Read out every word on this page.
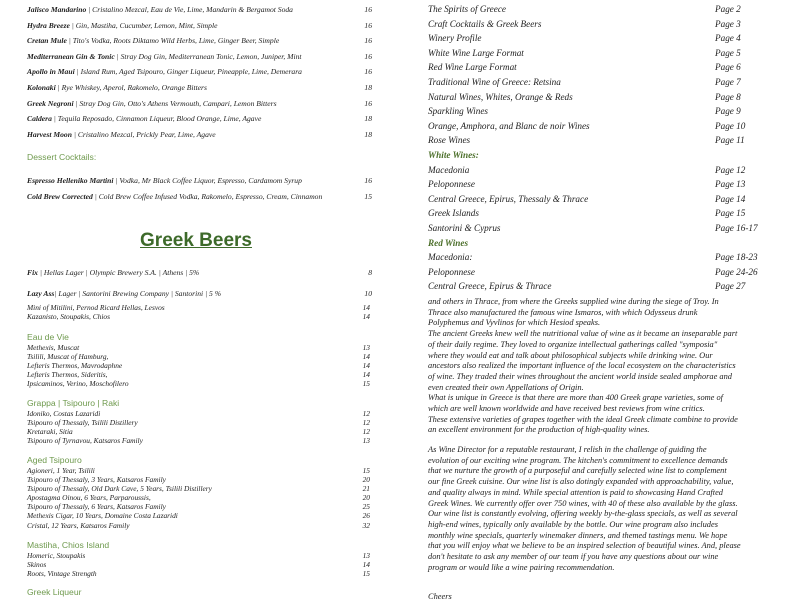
Jalisco Mandarino | Cristalino Mezcal, Eau de Vie, Lime, Mandarin & Bergamot Soda	16
Hydra Breeze | Gin, Mastiha, Cucumber, Lemon, Mint, Simple	16
Cretan Mule | Tito's Vodka, Roots Diktamo Wild Herbs, Lime, Ginger Beer, Simple	16
Mediterranean Gin & Tonic | Stray Dog Gin, Mediterranean Tonic, Lemon, Juniper, Mint	16
Apollo in Maui | Island Rum, Aged Tsipouro, Ginger Liqueur, Pineapple, Lime, Demerara	16
Kolonaki | Rye Whiskey, Aperol, Rakomelo, Orange Bitters	18
Greek Negroni | Stray Dog Gin, Otto's Athens Vermouth, Campari, Lemon Bitters	16
Caldera | Tequila Reposado, Cinnamon Liqueur, Blood Orange, Lime, Agave	18
Harvest Moon | Cristalino Mezcal, Prickly Pear, Lime, Agave	18
Dessert Cocktails:
Espresso Helleniko Martini | Vodka, Mr Black Coffee Liquor, Espresso, Cardamom Syrup	16
Cold Brew Corrected | Cold Brew Coffee Infused Vodka, Rakomelo, Espresso, Cream, Cinnamon	15
Greek Beers
Fix | Hellas Lager | Olympic Brewery S.A. | Athens | 5%	8
Lazy Ass| Lager | Santorini Brewing Company | Santorini | 5 %	10
Mini of Mitilini, Pernod Ricard Hellas, Lesvos	14
Kazanisto, Stoupakis, Chios	14
Eau de Vie
Methexis, Muscat	13
Tsilili, Muscat of Hamburg,	14
Lefteris Thermos, Mavrodaphne	14
Lefteris Thermos, Sideritis,	14
Ipsicaminos, Verino, Moschofilero	15
Grappa | Tsipouro | Raki
Idoniko, Costas Lazaridi	12
Tsipouro of Thessaly, Tsilili Distillery	12
Kretaraki, Sitia	12
Tsipouro of Tyrnavou, Katsaros Family	13
Aged Tsipouro
Agioneri, 1 Year, Tsilili	15
Tsipouro of Thessaly, 3 Years, Katsaros Family	20
Tsipouro of Thessaly, Old Dark Cave, 5 Years, Tsilili Distillery	21
Apostagma Oinou, 6 Years, Parparoussis,	20
Tsipouro of Thessaly, 6 Years, Katsaros Family	25
Methexis Cigar, 10 Years, Domaine Costa Lazaridi	26
Cristal, 12 Years, Katsaros Family	32
Mastiha, Chios Island
Homeric, Stoupakis	13
Skinos	14
Roots, Vintage Strength	15
Greek Liqueur
The Spirits of Greece	Page 2
Craft Cocktails & Greek Beers	Page 3
Winery Profile	Page 4
White Wine Large Format	Page 5
Red Wine Large Format	Page 6
Traditional Wine of Greece: Retsina	Page 7
Natural Wines, Whites, Orange & Reds	Page 8
Sparkling Wines	Page 9
Orange, Amphora, and Blanc de noir Wines	Page 10
Rose Wines	Page 11
White Wines:
Macedonia	Page 12
Peloponnese	Page 13
Central Greece, Epirus, Thessaly & Thrace	Page 14
Greek Islands	Page 15
Santorini & Cyprus	Page 16-17
Red Wines
Macedonia:	Page 18-23
Peloponnese	Page 24-26
Central Greece, Epirus & Thrace	Page 27
and others in Thrace, from where the Greeks supplied wine during the siege of Troy. In
Thrace also manufactured the famous wine Ismaros, with which Odysseus drunk
Polyphemus and Vyvlinos for which Hesiod speaks.
The ancient Greeks knew well the nutritional value of wine as it became an inseparable part
of their daily regime. They loved to organize intellectual gatherings called "symposia"
where they would eat and talk about philosophical subjects while drinking wine. Our
ancestors also realized the important influence of the local ecosystem on the characteristics
of wine. They traded their wines throughout the ancient world inside sealed amphorae and
even created their own Appellations of Origin.
What is unique in Greece is that there are more than 400 Greek grape varieties, some of
which are well known worldwide and have received best reviews from wine critics.
These extensive varieties of grapes together with the ideal Greek climate combine to provide
an excellent environment for the production of high-quality wines.
As Wine Director for a reputable restaurant, I relish in the challenge of guiding the
evolution of our exciting wine program. The kitchen's commitment to excellence demands
that we nurture the growth of a purposeful and carefully selected wine list to complement
our fine Greek cuisine. Our wine list is also dotingly expanded with approachability, value,
and quality always in mind. While special attention is paid to showcasing Hand Crafted
Greek Wines. We currently offer over 750 wines, with 40 of these also available by the glass.
Our wine list is constantly evolving, offering weekly by-the-glass specials, as well as several
high-end wines, typically only available by the bottle. Our wine program also includes
monthly wine specials, quarterly winemaker dinners, and themed tastings menu. We hope
that you will enjoy what we believe to be an inspired selection of beautiful wines. And, please
don't hesitate to ask any member of our team if you have any questions about our wine
program or would like a wine pairing recommendation.
Cheers
